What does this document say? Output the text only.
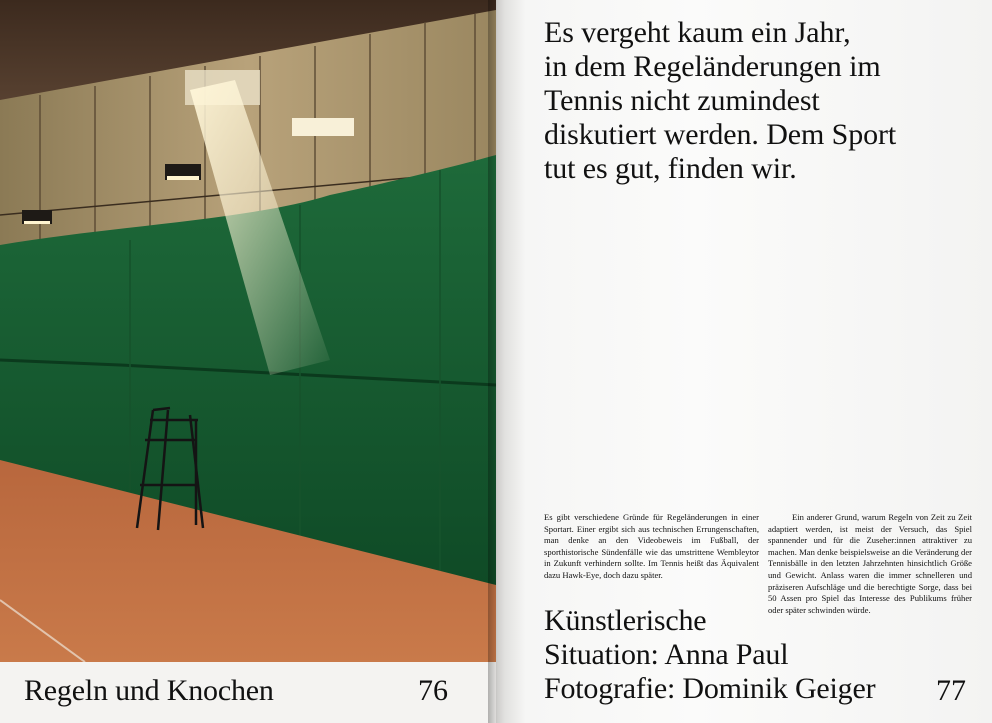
Regeln und Knochen	76
Es vergeht kaum ein Jahr,
in dem Regeländerungen im
Tennis nicht zumindest
diskutiert werden. Dem Sport
tut es gut, finden wir.

Es gibt verschiedene Gründe für Regeländerungen in einer Sportart. Einer ergibt sich aus technischen Errungenschaften, man denke an den Videobeweis im Fußball, der sporthistorische Sündenfälle wie das umstrittene Wembleytor in Zukunft verhindern sollte. Im Tennis heißt das Äquivalent dazu Hawk-Eye, doch dazu später.

Ein anderer Grund, warum Regeln von Zeit zu Zeit adaptiert werden, ist meist der Versuch, das Spiel spannender und für die Zuseher:innen attraktiver zu machen. Man denke beispielsweise an die Veränderung der Tennisbälle in den letzten Jahrzehnten hinsichtlich Größe und Gewicht. Anlass waren die immer schnelleren und präziseren Aufschläge und die berechtigte Sorge, dass bei 50 Assen pro Spiel das Interesse des Publikums früher oder später schwinden würde.

Künstlerische
Situation: Anna Paul
Fotografie: Dominik Geiger 77
